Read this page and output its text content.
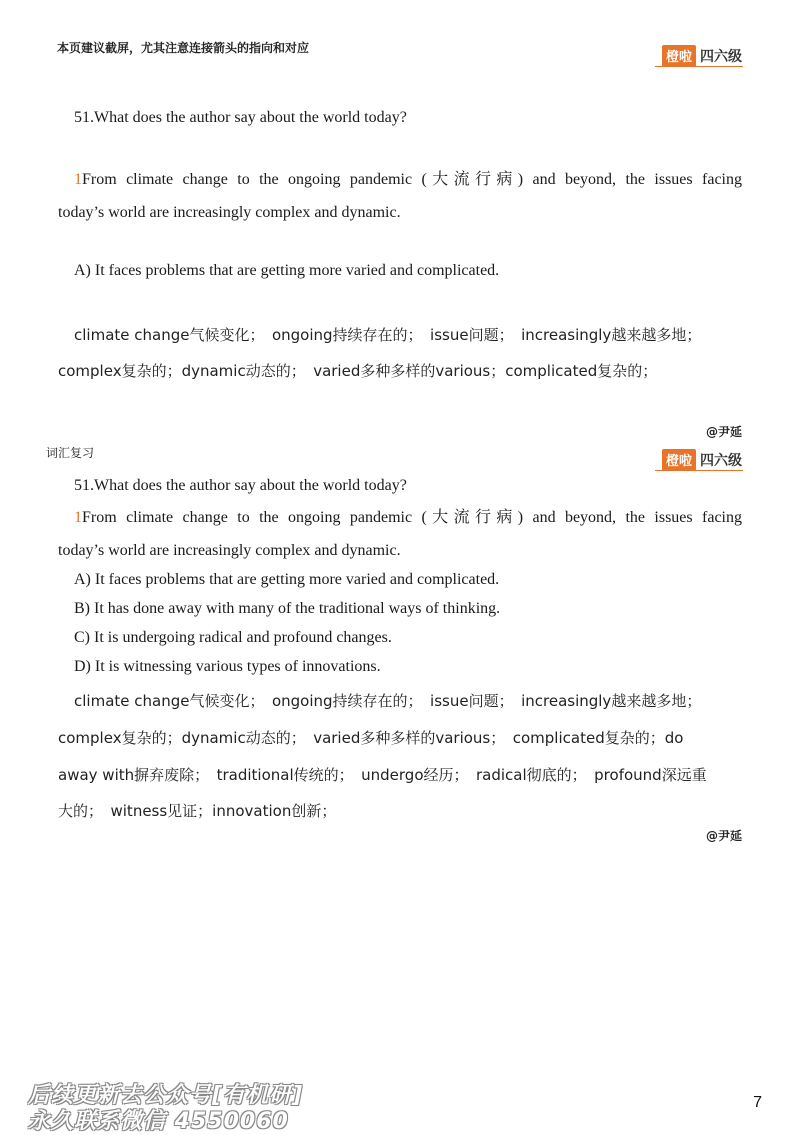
本页建议截屏，尤其注意连接箭头的指向和对应
橙啦 四六级
51.What does the author say about the world today?
1From climate change to the ongoing pandemic (大流行病) and beyond, the issues facing
today’s world are increasingly complex and dynamic.
A) It faces problems that are getting more varied and complicated.
climate change气候变化；　ongoing持续存在的；　issue问题；　increasingly越来越多地；
complex复杂的；dynamic动态的；　varied多种多样的various；complicated复杂的；
@尹延
词汇复习
橙啦 四六级
51.What does the author say about the world today?
1From climate change to the ongoing pandemic (大流行病) and beyond, the issues facing
today’s world are increasingly complex and dynamic.
A) It faces problems that are getting more varied and complicated.
B) It has done away with many of the traditional ways of thinking.
C) It is undergoing radical and profound changes.
D) It is witnessing various types of innovations.
climate change气候变化；　ongoing持续存在的；　issue问题；　increasingly越来越多地；
complex复杂的；dynamic动态的；　varied多种多样的various；　complicated复杂的；do
away with摒弃废除；　traditional传统的；　undergo经历；　radical彻底的；　profound深远重
大的；　witness见证；innovation创新；
@尹延
后续更新去公众号[有机研]
永久联系微信 4550060
7
